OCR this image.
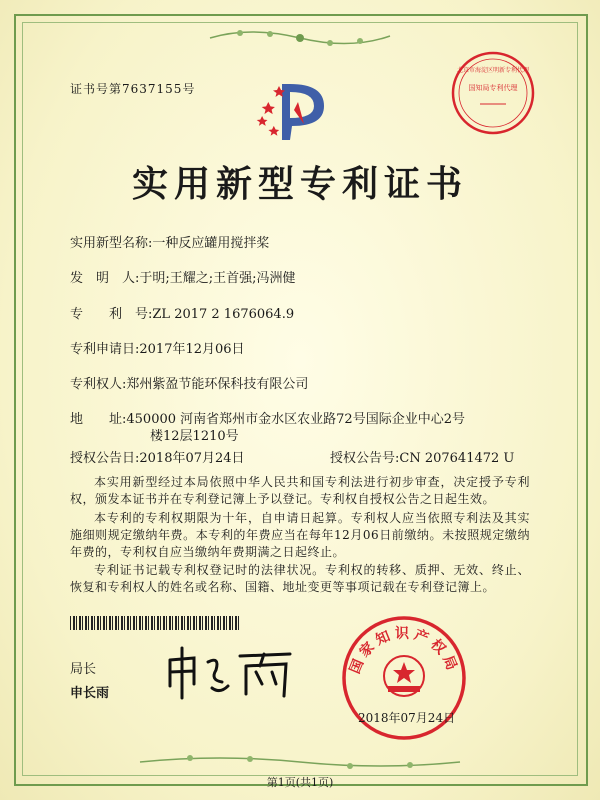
证书号第7637155号	国知局专利代理
北京市海淀区明新专利代理
实用新型专利证书
实用新型名称:一种反应罐用搅拌桨
发　明　人:于明;王耀之;王首强;冯洲健
专　　利　号:ZL 2017 2 1676064.9
专利申请日:2017年12月06日
专利权人:郑州紫盈节能环保科技有限公司
地　　址:450000 河南省郑州市金水区农业路72号国际企业中心2号
楼12层1210号
授权公告日:2018年07月24日	授权公告号:CN 207641472 U
本实用新型经过本局依照中华人民共和国专利法进行初步审查，决定授予专利权，颁发本证书并在专利登记簿上予以登记。专利权自授权公告之日起生效。
本专利的专利权期限为十年，自申请日起算。专利权人应当依照专利法及其实施细则规定缴纳年费。本专利的年费应当在每年12月06日前缴纳。未按照规定缴纳年费的，专利权自应当缴纳年费期满之日起终止。
专利证书记载专利权登记时的法律状况。专利权的转移、质押、无效、终止、恢复和专利权人的姓名或名称、国籍、地址变更等事项记载在专利登记簿上。
局长
申长雨
国家知识产权局
2018年07月24日
第1页(共1页)
